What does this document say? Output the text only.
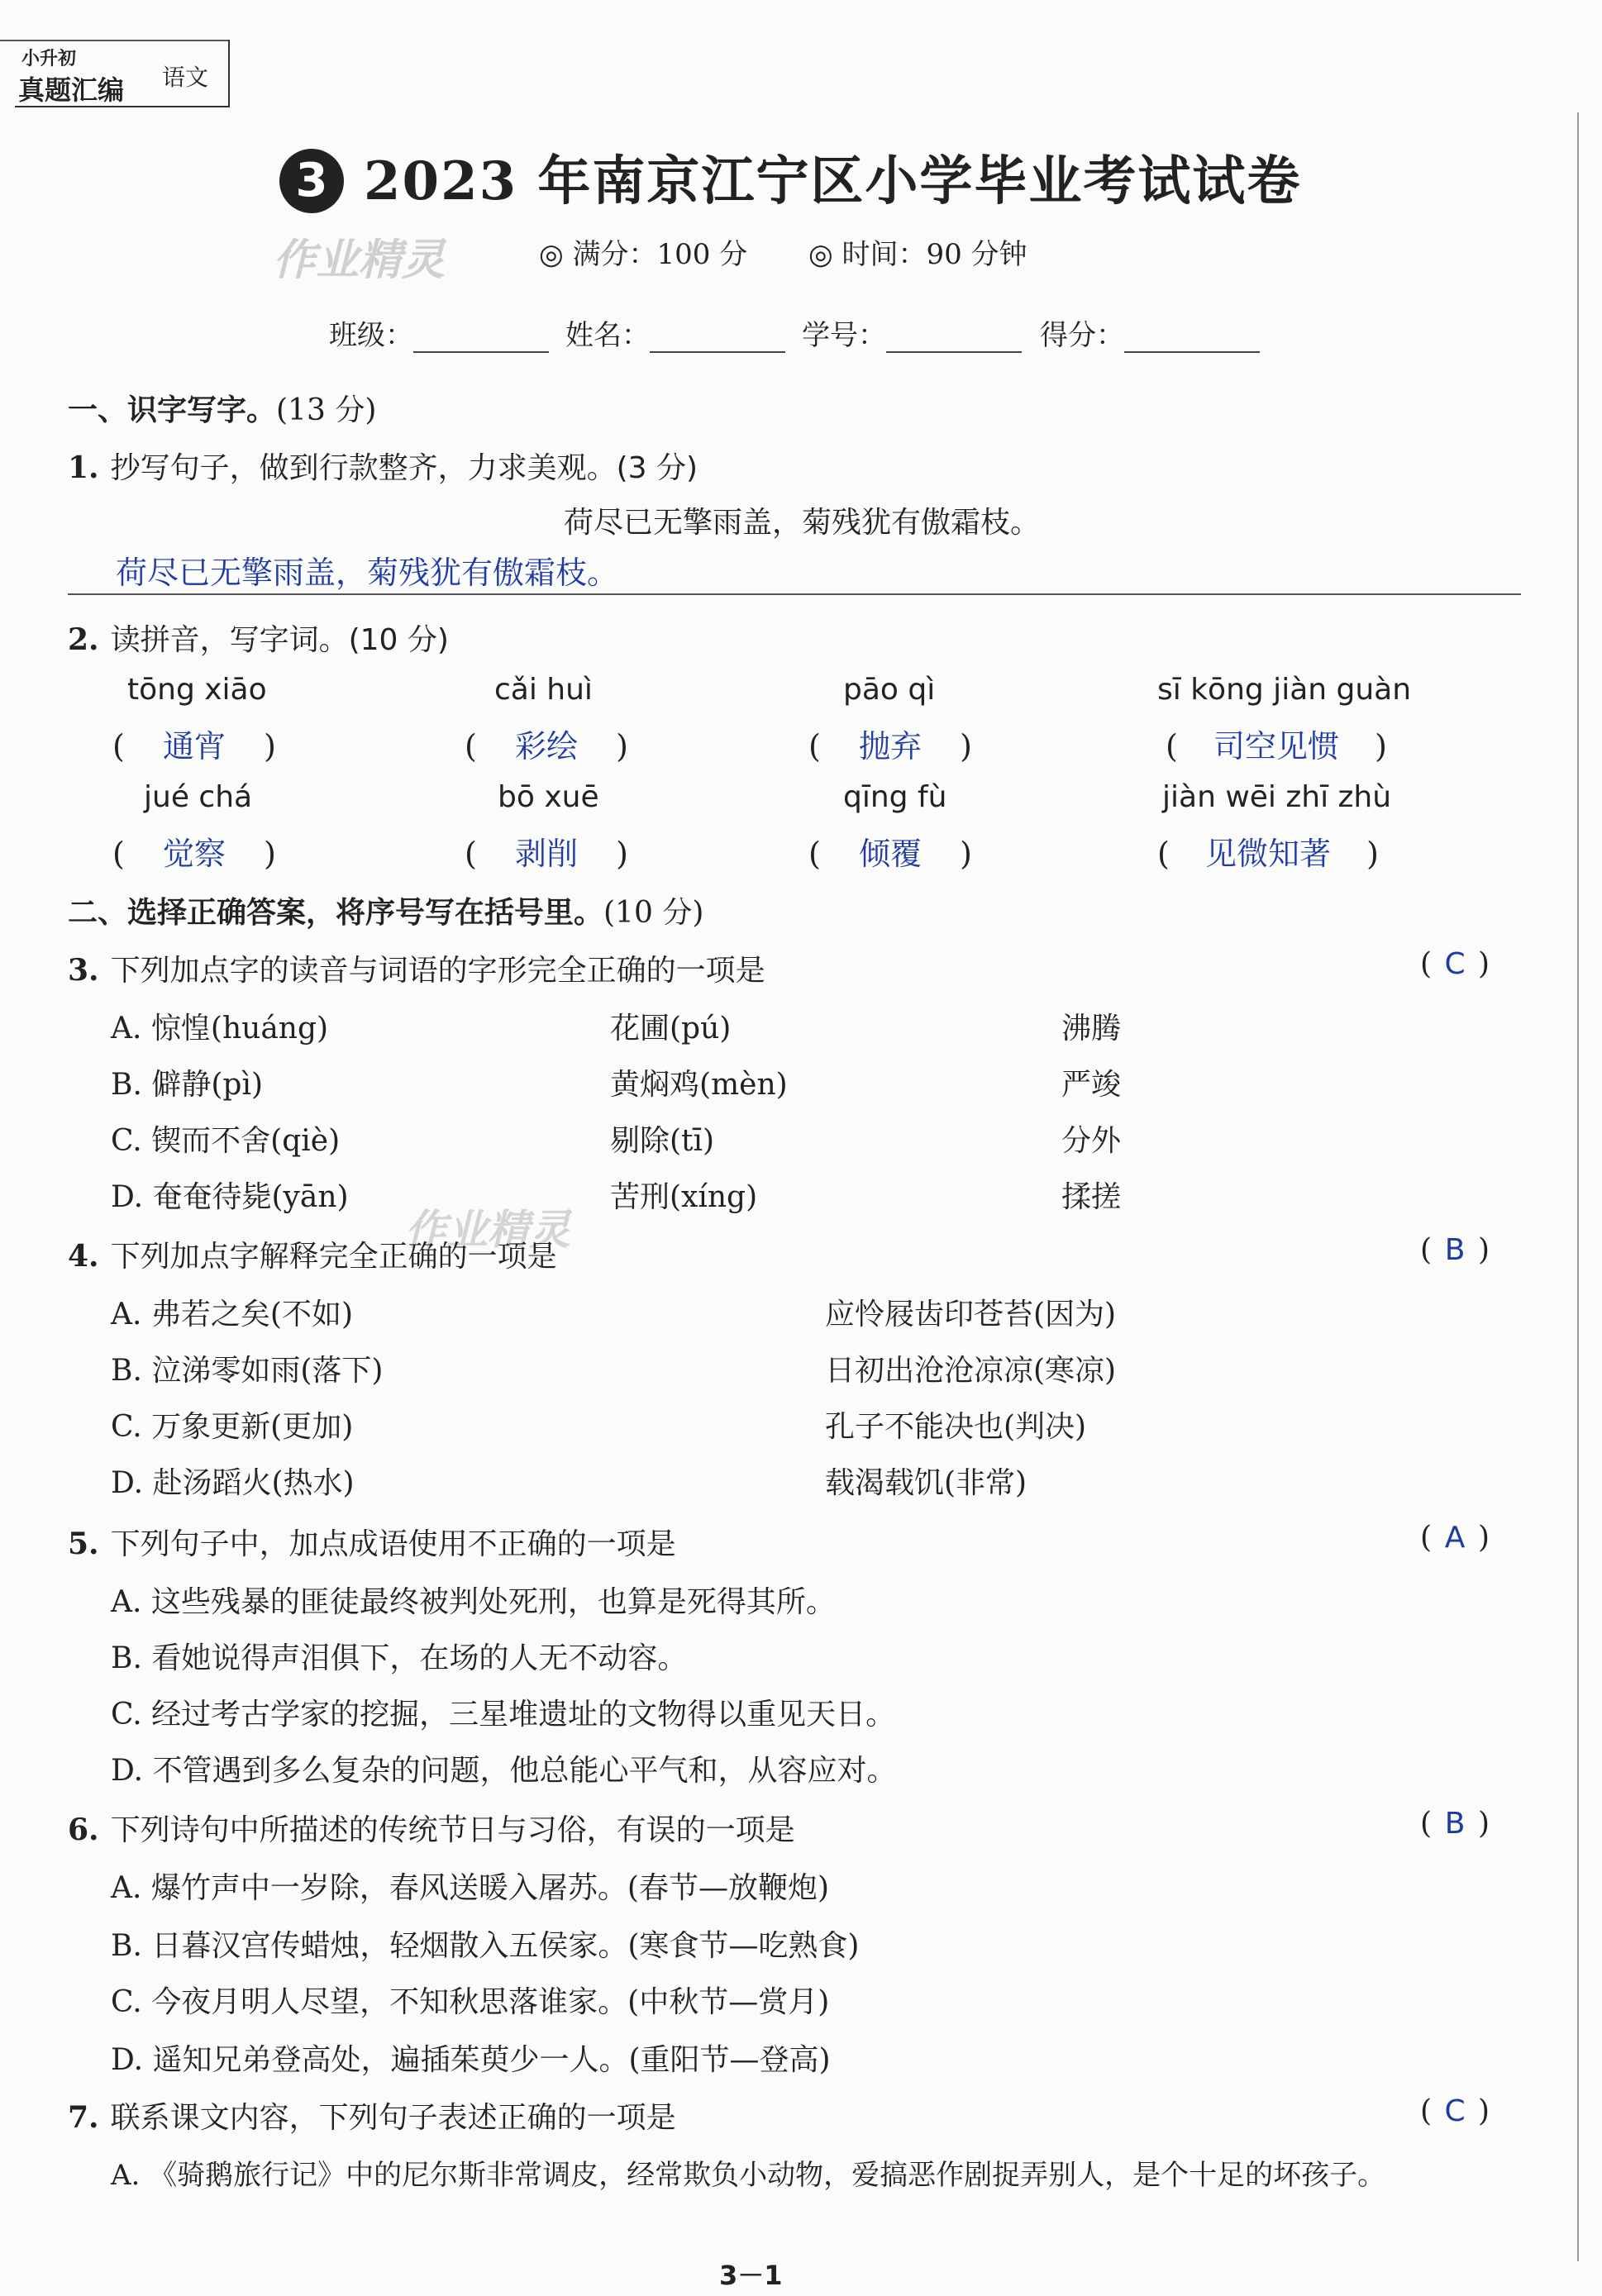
小升初
真题汇编 语文
3 2023 年南京江宁区小学毕业考试试卷
作业精灵	◎ 满分：100 分 ◎ 时间：90 分钟
班级：	姓名：	学号：	得分：
一、识字写字。(13 分)
1. 抄写句子，做到行款整齐，力求美观。(3 分)
荷尽已无擎雨盖，菊残犹有傲霜枝。
荷尽已无擎雨盖，菊残犹有傲霜枝。
2. 读拼音，写字词。(10 分)
tōng xiāo	cǎi huì	pāo qì	sī kōng jiàn guàn
(  通宵  )	(  彩绘  )	(  抛弃  )	(  司空见惯  )
jué chá	bō xuē	qīng fù	jiàn wēi zhī zhù
(  觉察  )	(  剥削  )	(  倾覆  )	(  见微知著  )
二、选择正确答案，将序号写在括号里。(10 分)
3. 下列加点字的读音与词语的字形完全正确的一项是	( C )
A. 惊惶(huáng)	花圃(pú)	沸腾
B. 僻静(pì)	黄焖鸡(mèn)	严竣
C. 锲而不舍(qiè)	剔除(tī)	分外
D. 奄奄待毙(yān)	苦刑(xíng)	揉搓
作业精灵
4. 下列加点字解释完全正确的一项是	( B )
A. 弗若之矣(不如)	应怜屐齿印苍苔(因为)
B. 泣涕零如雨(落下)	日初出沧沧凉凉(寒凉)
C. 万象更新(更加)	孔子不能决也(判决)
D. 赴汤蹈火(热水)	载渴载饥(非常)
5. 下列句子中，加点成语使用不正确的一项是	( A )
A. 这些残暴的匪徒最终被判处死刑，也算是死得其所。
B. 看她说得声泪俱下，在场的人无不动容。
C. 经过考古学家的挖掘，三星堆遗址的文物得以重见天日。
D. 不管遇到多么复杂的问题，他总能心平气和，从容应对。
6. 下列诗句中所描述的传统节日与习俗，有误的一项是	( B )
A. 爆竹声中一岁除，春风送暖入屠苏。(春节—放鞭炮)
B. 日暮汉宫传蜡烛，轻烟散入五侯家。(寒食节—吃熟食)
C. 今夜月明人尽望，不知秋思落谁家。(中秋节—赏月)
D. 遥知兄弟登高处，遍插茱萸少一人。(重阳节—登高)
7. 联系课文内容，下列句子表述正确的一项是	( C )
A. 《骑鹅旅行记》中的尼尔斯非常调皮，经常欺负小动物，爱搞恶作剧捉弄别人，是个十足的坏孩子。
3－1
